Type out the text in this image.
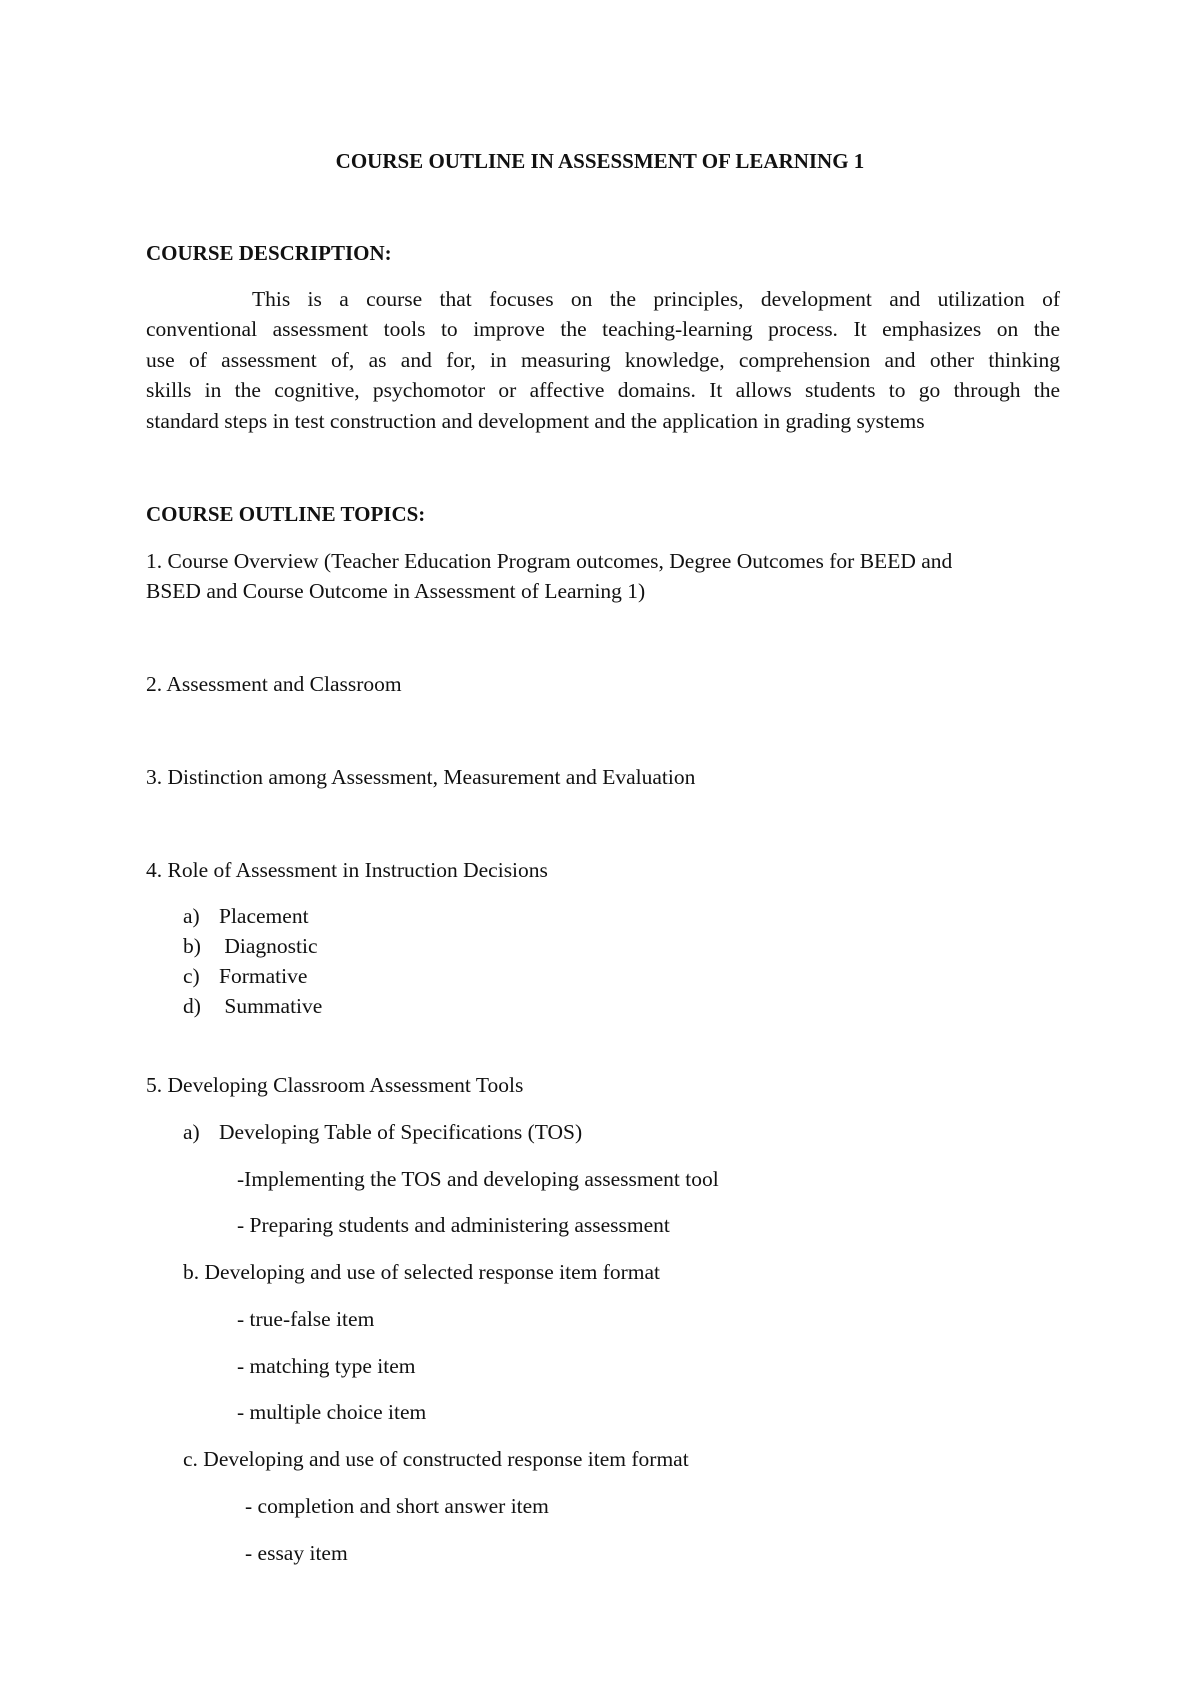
COURSE OUTLINE IN ASSESSMENT OF LEARNING 1
COURSE DESCRIPTION:
This is a course that focuses on the principles, development and utilization of
conventional assessment tools to improve the teaching-learning process. It emphasizes on the
use of assessment of, as and for, in measuring knowledge, comprehension and other thinking
skills in the cognitive, psychomotor or affective domains. It allows students to go through the
standard steps in test construction and development and the application in grading systems
COURSE OUTLINE TOPICS:
1. Course Overview (Teacher Education Program outcomes, Degree Outcomes for BEED and
BSED and Course Outcome in Assessment of Learning 1)
2. Assessment and Classroom
3. Distinction among Assessment, Measurement and Evaluation
4. Role of Assessment in Instruction Decisions
a) Placement
b) Diagnostic
c) Formative
d) Summative
5. Developing Classroom Assessment Tools
a) Developing Table of Specifications (TOS)
-Implementing the TOS and developing assessment tool
- Preparing students and administering assessment
b. Developing and use of selected response item format
- true-false item
- matching type item
- multiple choice item
c. Developing and use of constructed response item format
- completion and short answer item
- essay item
